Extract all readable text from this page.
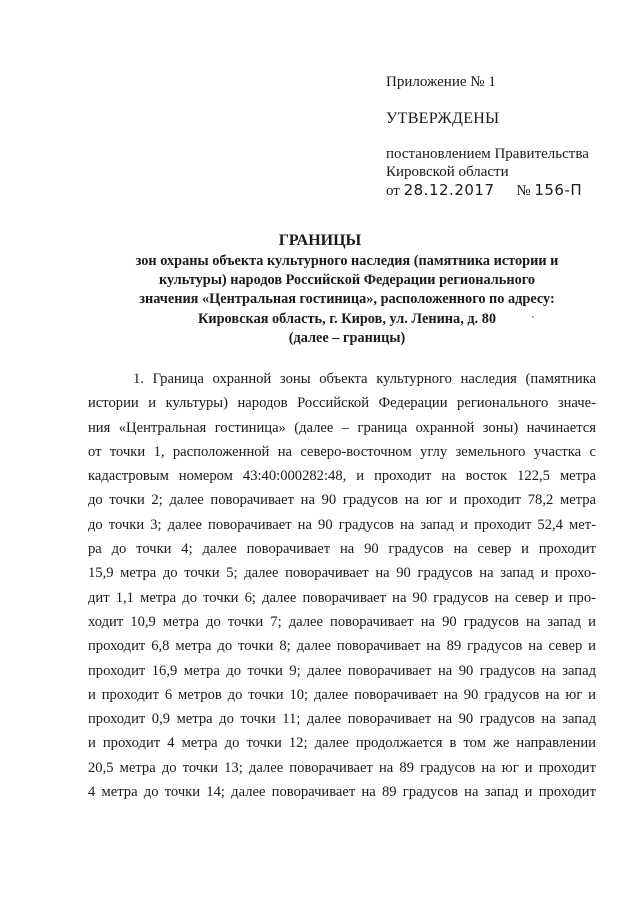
Приложение № 1
УТВЕРЖДЕНЫ
постановлением Правительства
Кировской области
от 28.12.2017 № 156-П
ГРАНИЦЫ
зон охраны объекта культурного наследия (памятника истории и
культуры) народов Российской Федерации регионального
значения «Центральная гостиница», расположенного по адресу:
Кировская область, г. Киров, ул. Ленина, д. 80
(далее – границы)
1. Граница охранной зоны объекта культурного наследия (памятника
истории и культуры) народов Российской Федерации регионального значе-
ния «Центральная гостиница» (далее – граница охранной зоны) начинается
от точки 1, расположенной на северо-восточном углу земельного участка с
кадастровым номером 43:40:000282:48, и проходит на восток 122,5 метра
до точки 2; далее поворачивает на 90 градусов на юг и проходит 78,2 метра
до точки 3; далее поворачивает на 90 градусов на запад и проходит 52,4 мет-
ра до точки 4; далее поворачивает на 90 градусов на север и проходит
15,9 метра до точки 5; далее поворачивает на 90 градусов на запад и прохо-
дит 1,1 метра до точки 6; далее поворачивает на 90 градусов на север и про-
ходит 10,9 метра до точки 7; далее поворачивает на 90 градусов на запад и
проходит 6,8 метра до точки 8; далее поворачивает на 89 градусов на север и
проходит 16,9 метра до точки 9; далее поворачивает на 90 градусов на запад
и проходит 6 метров до точки 10; далее поворачивает на 90 градусов на юг и
проходит 0,9 метра до точки 11; далее поворачивает на 90 градусов на запад
и проходит 4 метра до точки 12; далее продолжается в том же направлении
20,5 метра до точки 13; далее поворачивает на 89 градусов на юг и проходит
4 метра до точки 14; далее поворачивает на 89 градусов на запад и проходит
